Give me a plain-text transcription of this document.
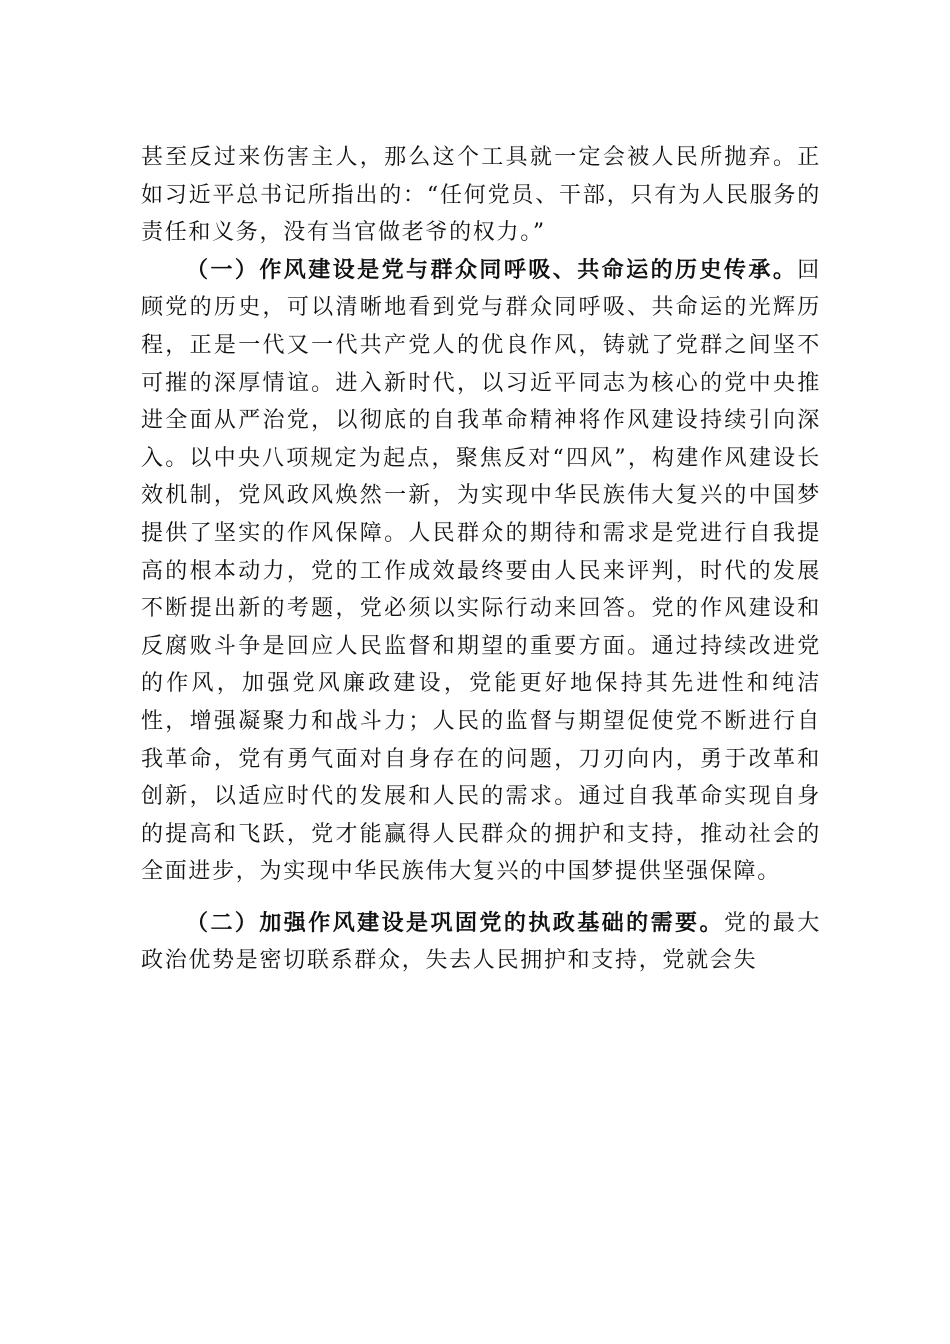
甚至反过来伤害主人，那么这个工具就一定会被人民所抛弃。正如习近平总书记所指出的：“任何党员、干部，只有为人民服务的责任和义务，没有当官做老爷的权力。”

（一）作风建设是党与群众同呼吸、共命运的历史传承。回顾党的历史，可以清晰地看到党与群众同呼吸、共命运的光辉历程，正是一代又一代共产党人的优良作风，铸就了党群之间坚不可摧的深厚情谊。进入新时代，以习近平同志为核心的党中央推进全面从严治党，以彻底的自我革命精神将作风建设持续引向深入。以中央八项规定为起点，聚焦反对“四风”，构建作风建设长效机制，党风政风焕然一新，为实现中华民族伟大复兴的中国梦提供了坚实的作风保障。人民群众的期待和需求是党进行自我提高的根本动力，党的工作成效最终要由人民来评判，时代的发展不断提出新的考题，党必须以实际行动来回答。党的作风建设和反腐败斗争是回应人民监督和期望的重要方面。通过持续改进党的作风，加强党风廉政建设，党能更好地保持其先进性和纯洁性，增强凝聚力和战斗力；人民的监督与期望促使党不断进行自我革命，党有勇气面对自身存在的问题，刀刃向内，勇于改革和创新，以适应时代的发展和人民的需求。通过自我革命实现自身的提高和飞跃，党才能赢得人民群众的拥护和支持，推动社会的全面进步，为实现中华民族伟大复兴的中国梦提供坚强保障。

（二）加强作风建设是巩固党的执政基础的需要。党的最大政治优势是密切联系群众，失去人民拥护和支持，党就会失
